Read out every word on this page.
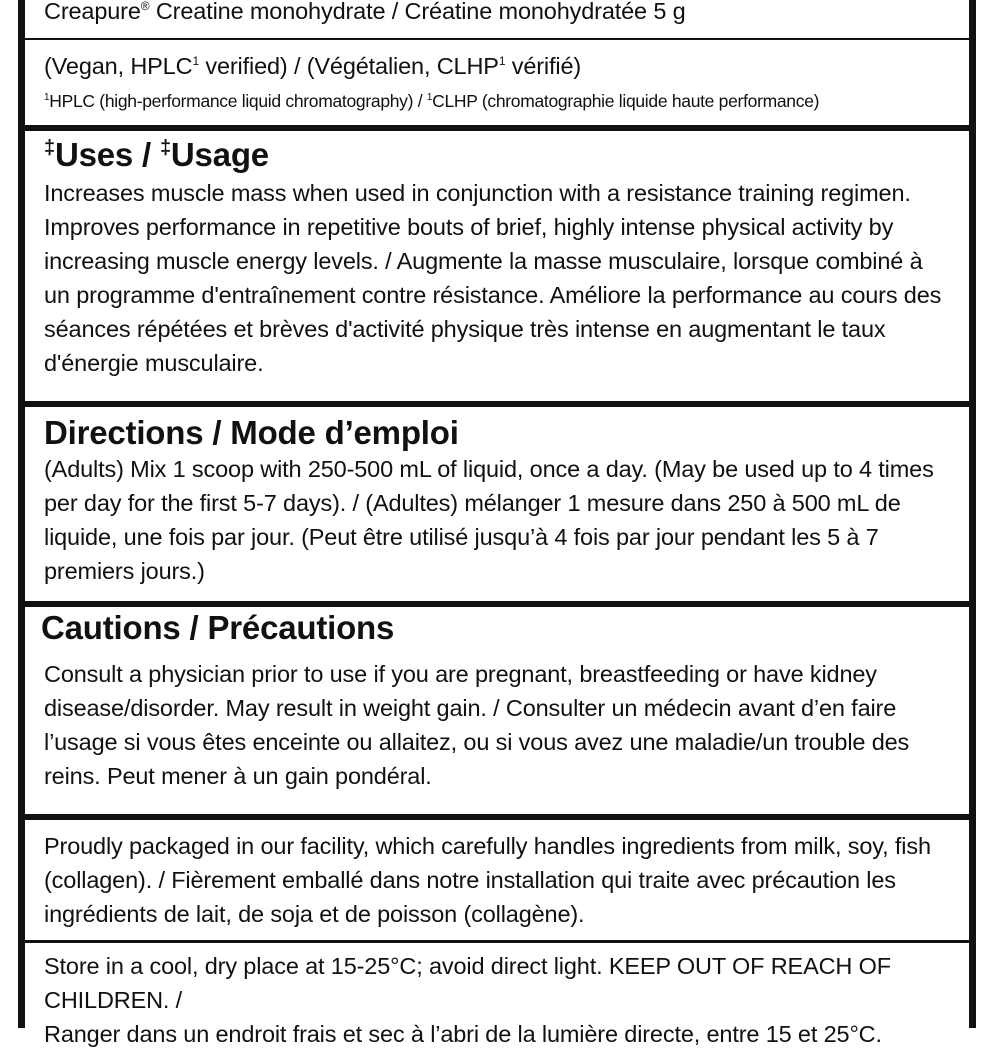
Creapure® Creatine monohydrate / Créatine monohydratée 5 g
(Vegan, HPLC$^1$ verified) / (Végétalien, CLHP$^1$ vérifié)
$^1$HPLC (high-performance liquid chromatography) / $^1$CLHP (chromatographie liquide haute performance)
‡Uses / ‡Usage
Increases muscle mass when used in conjunction with a resistance training regimen.
Improves performance in repetitive bouts of brief, highly intense physical activity by
increasing muscle energy levels. / Augmente la masse musculaire, lorsque combiné à
un programme d'entraînement contre résistance. Améliore la performance au cours des
séances répétées et brèves d'activité physique très intense en augmentant le taux
d'énergie musculaire.
Directions / Mode d’emploi
(Adults) Mix 1 scoop with 250-500 mL of liquid, once a day. (May be used up to 4 times
per day for the first 5-7 days). / (Adultes) mélanger 1 mesure dans 250 à 500 mL de
liquide, une fois par jour. (Peut être utilisé jusqu’à 4 fois par jour pendant les 5 à 7
premiers jours.)
Cautions / Précautions
Consult a physician prior to use if you are pregnant, breastfeeding or have kidney
disease/disorder. May result in weight gain. / Consulter un médecin avant d’en faire
l’usage si vous êtes enceinte ou allaitez, ou si vous avez une maladie/un trouble des
reins. Peut mener à un gain pondéral.
Proudly packaged in our facility, which carefully handles ingredients from milk, soy, fish
(collagen). / Fièrement emballé dans notre installation qui traite avec précaution les
ingrédients de lait, de soja et de poisson (collagène).
Store in a cool, dry place at 15-25°C; avoid direct light. KEEP OUT OF REACH OF CHILDREN. /
Ranger dans un endroit frais et sec à l’abri de la lumière directe, entre 15 et 25°C.
